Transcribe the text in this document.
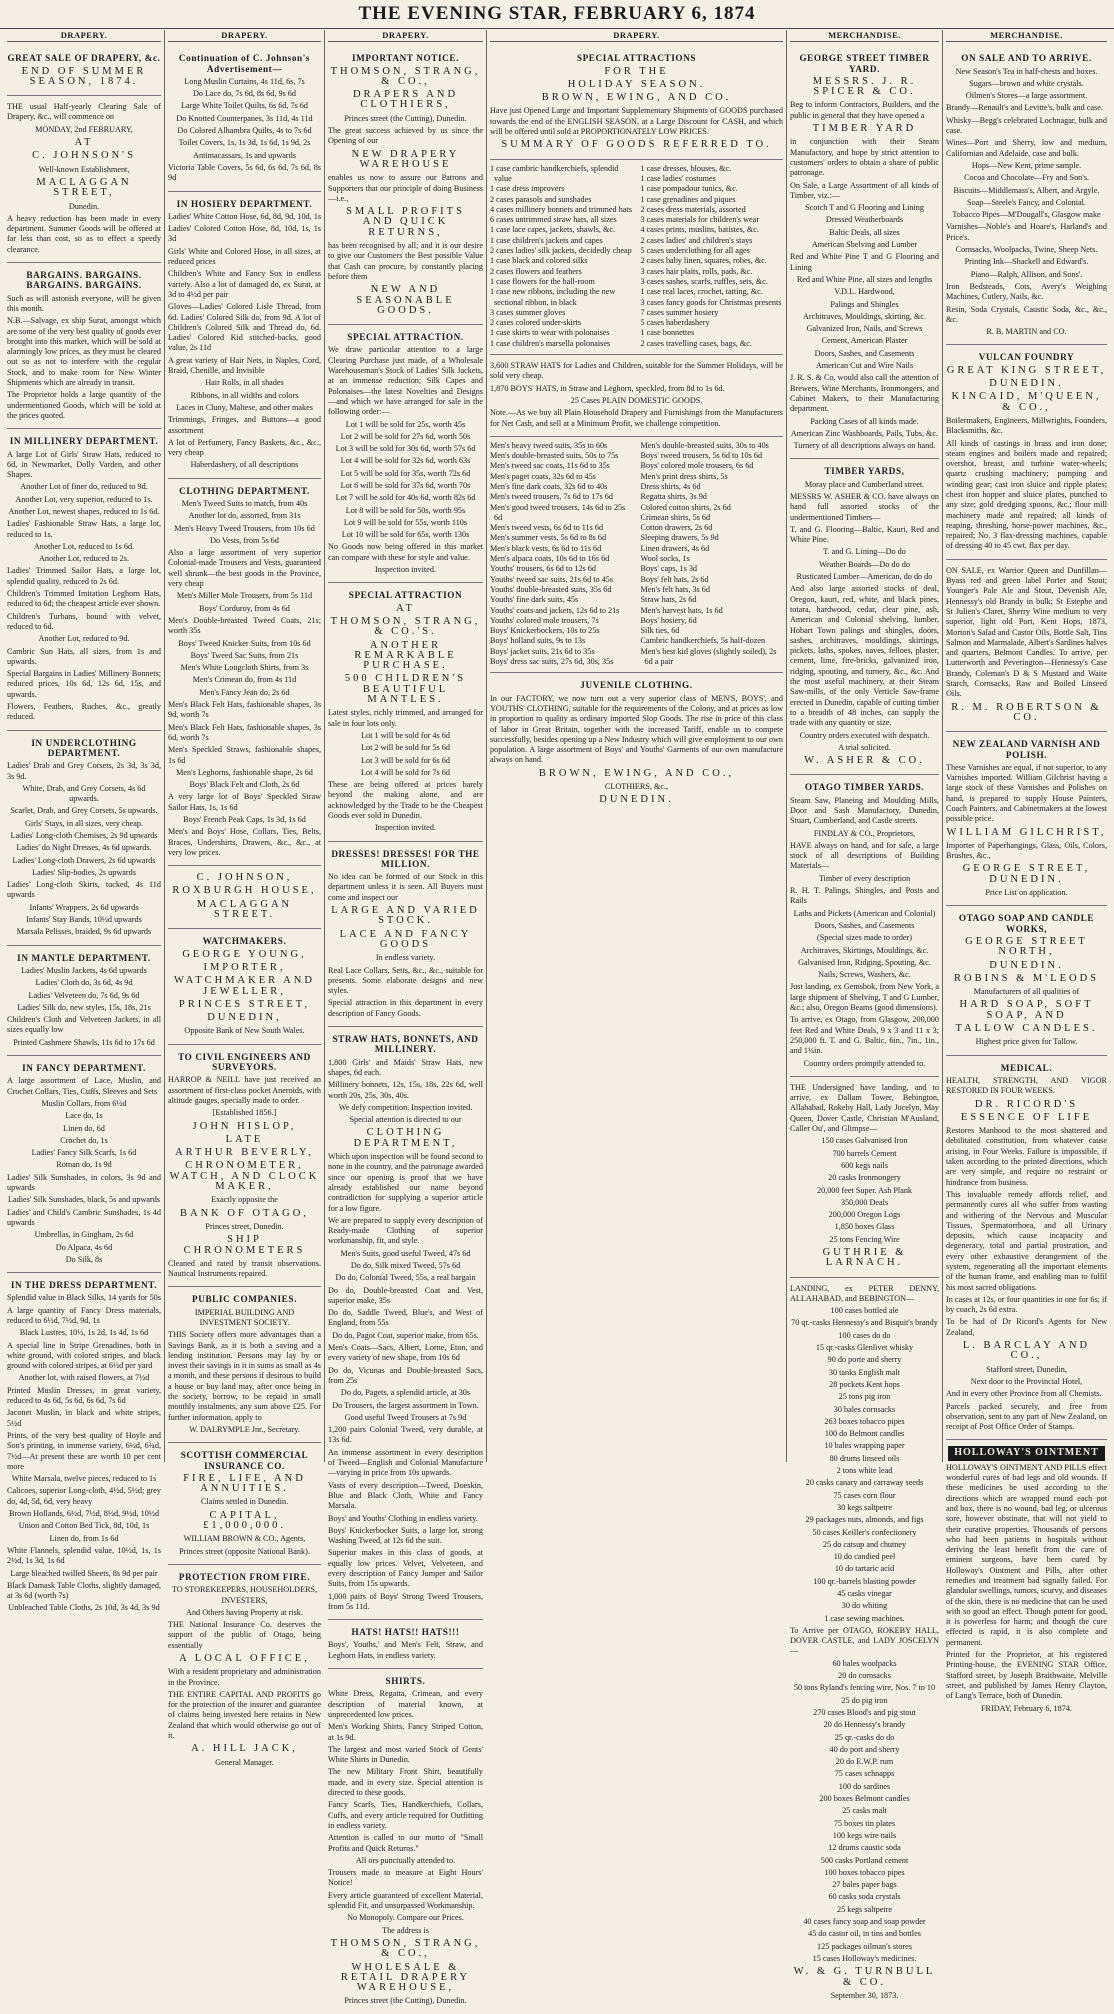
THE EVENING STAR, FEBRUARY 6, 1874
DRAPERY.
GREAT SALE OF DRAPERY, &c.
END OF SUMMER SEASON, 1874.
THE usual Half-yearly Clearing Sale of Drapery, &c., will commence on
MONDAY, 2nd FEBRUARY,
AT
C. JOHNSON'S
Well-known Establishment,
MACLAGGAN STREET,
Dunedin.
A heavy reduction has been made in every department. Summer Goods will be offered at far less than cost, so as to effect a speedy clearance.
BARGAINS. BARGAINS. BARGAINS. BARGAINS.
Such as will astonish everyone, will be given this month.
N.B.—Salvage, ex ship Surat, amongst which are some of the very best quality of goods ever brought into this market, which will be sold at alarmingly low prices, as they must be cleared out so as not to interfere with the regular Stock, and to make room for New Winter Shipments which are already in transit.
The Proprietor holds a large quantity of the undermentioned Goods, which will be sold at the prices quoted.
IN MILLINERY DEPARTMENT.
A large Lot of Girls' Straw Hats, reduced to 6d, in Newmarket, Dolly Varden, and other Shapes.
Another Lot of finer do, reduced to 9d.
Another Lot, very superior, reduced to 1s.
Another Lot, newest shapes, reduced to 1s 6d.
Ladies' Fashionable Straw Hats, a large lot, reduced to 1s.
Another Lot, reduced to 1s 6d.
Another Lot, reduced to 2s.
Ladies' Trimmed Sailor Hats, a large lot, splendid quality, reduced to 2s 6d.
Children's Trimmed Imitation Leghorn Hats, reduced to 6d; the cheapest article ever shown.
Children's Turbans, bound with velvet, reduced to 6d.
Another Lot, reduced to 9d.
Cambric Sun Hats, all sizes, from 1s and upwards.
Special Bargains in Ladies' Millinery Bonnets; reduced prices, 10s 6d, 12s 6d, 15s, and upwards.
Flowers, Feathers, Ruches, &c., greatly reduced.
IN UNDERCLOTHING DEPARTMENT.
Ladies' Drab and Grey Corsets, 2s 3d, 3s 3d, 3s 9d.
White, Drab, and Grey Corsets, 4s 6d upwards.
Scarlet, Drab, and Grey Corsets, 5s upwards.
Girls' Stays, in all sizes, very cheap.
Ladies' Long-cloth Chemises, 2s 9d upwards
Ladies' do Night Dresses, 4s 6d upwards.
Ladies' Long-cloth Drawers, 2s 6d upwards
Ladies' Slip-bodies, 2s upwards
Ladies' Long-cloth Skirts, tucked, 4s 11d upwards
Infants' Wrappers, 2s 6d upwards
Infants' Stay Bands, 10½d upwards
Marsala Pelisses, braided, 9s 6d upwards
IN MANTLE DEPARTMENT.
Ladies' Muslin Jackets, 4s 6d upwards
Ladies' Cloth do, 3s 6d, 4s 9d
Ladies' Velveteen do, 7s 6d, 9s 6d
Ladies' Silk do, new styles, 15s, 18s, 21s
Children's Cloth and Velveteen Jackets, in all sizes equally low
Printed Cashmere Shawls, 11s 6d to 17s 6d
IN FANCY DEPARTMENT.
A large assortment of Lace, Muslin, and Crochet Collars, Ties, Cuffs, Sleeves and Sets
Muslin Collars, from 6½d
Lace do, 1s
Linen do, 6d
Crochet do, 1s
Ladies' Fancy Silk Scarfs, 1s 6d
Roman do, 1s 9d
Ladies' Silk Sunshades, in colors, 3s 9d and upwards
Ladies' Silk Sunshades, black, 5s and upwards
Ladies' and Child's Cambric Sunshades, 1s 4d upwards
Umbrellas, in Gingham, 2s 6d
Do Alpaca, 4s 6d
Do Silk, 8s
IN THE DRESS DEPARTMENT.
Splendid value in Black Silks, 14 yards for 50s
A large quantity of Fancy Dress materials, reduced to 6½d, 7½d, 9d, 1s
Black Lustres, 10½, 1s 2d, 1s 4d, 1s 6d
A special line in Stripe Grenadines, both in white ground, with colored stripes, and black ground with colored stripes, at 6½d per yard
Another lot, with raised flowers, at 7½d
Printed Muslin Dresses, in great variety, reduced to 4s 6d, 5s 6d, 6s 6d, 7s 6d
Jaconet Muslin, in black and white stripes, 5½d
Prints, of the very best quality of Hoyle and Son's printing, in immense variety, 6½d, 6¾d, 7½d—At present these are worth 10 per cent more
White Marsala, twelve pieces, reduced to 1s
Calicoes, superior Long-cloth, 4½d, 5½d; grey do, 4d, 5d, 6d, very heavy
Brown Hollands, 6½d, 7½d, 8½d, 9½d, 10½d
Union and Cotton Bed Tick, 8d, 10d, 1s
Linen do, from 1s 6d
White Flannels, splendid value, 10½d, 1s, 1s 2½d, 1s 3d, 1s 6d
Large bleached twilled Sheets, 8s 9d per pair
Black Damask Table Cloths, slightly damaged, at 3s 6d (worth 7s)
Unbleached Table Cloths, 2s 10d, 3s 4d, 3s 9d
DRAPERY.
Continuation of C. Johnson's Advertisement—
Long Muslin Curtains, 4s 11d, 6s, 7s
Do Lace do, 7s 6d, 8s 6d, 9s 6d
Large White Toilet Quilts, 6s 6d, 7s 6d
Do Knotted Counterpanes, 3s 11d, 4s 11d
Do Colored Alhambra Quilts, 4s to 7s 6d
Toilet Covers, 1s, 1s 3d, 1s 6d, 1s 9d, 2s
Antimacassars, 1s and upwards
Victoria Table Covers, 5s 6d, 6s 6d, 7s 6d, 8s 9d
IN HOSIERY DEPARTMENT.
Ladies' White Cotton Hose, 6d, 8d, 9d, 10d, 1s
Ladies' Colored Cotton Hose, 8d, 10d, 1s, 1s 3d
Girls' White and Colored Hose, in all sizes, at reduced prices
Children's White and Fancy Sox in endless variety. Also a lot of damaged do, ex Surat, at 3d to 4½d per pair
Gloves—Ladies' Colored Lisle Thread, from 6d. Ladies' Colored Silk do, from 9d. A lot of Children's Colored Silk and Thread do, 6d. Ladies' Colored Kid stitched-backs, good value, 2s 11d
A great variety of Hair Nets, in Naples, Cord, Braid, Chenille, and Invisible
Hair Rolls, in all shades
Ribbons, in all widths and colors
Laces in Cluny, Maltese, and other makes
Trimmings, Fringes, and Buttons—a good assortment
A lot of Perfumery, Fancy Baskets, &c., &c., very cheap
Haberdashery, of all descriptions
CLOTHING DEPARTMENT.
Men's Tweed Suits to match, from 40s
Another lot do, assorted, from 31s
Men's Heavy Tweed Trousers, from 10s 6d
Do Vests, from 5s 6d
Also a large assortment of very superior Colonial-made Trousers and Vests, guaranteed well shrunk—the best goods in the Province, very cheap
Men's Miller Mole Trousers, from 5s 11d
Boys' Corduroy, from 4s 6d
Men's Double-breasted Tweed Coats, 21s; worth 35s
Boys' Tweed Knicker Suits, from 10s 6d
Boys' Tweed Sac Suits, from 21s
Men's White Longcloth Shirts, from 3s
Men's Crimean do, from 4s 11d
Men's Fancy Jean do, 2s 6d
Men's Black Felt Hats, fashionable shapes, 3s 9d, worth 7s
Men's Black Felt Hats, fashionable shapes, 3s 6d, worth 7s
Men's Speckled Straws, fashionable shapes, 1s 6d
Men's Leghorns, fashionable shape, 2s 6d
Boys' Black Felt and Cloth, 2s 6d
A very large lot of Boys' Speckled Straw Sailor Hats, 1s, 1s 6d
Boys' French Peak Caps, 1s 3d, 1s 6d
Men's and Boys' Hose, Collars, Ties, Belts, Braces, Undershirts, Drawers, &c., &c., at very low prices.
C. JOHNSON,
ROXBURGH HOUSE,
MACLAGGAN STREET.
WATCHMAKERS.
GEORGE YOUNG,
IMPORTER,
WATCHMAKER AND JEWELLER,
PRINCES STREET,
DUNEDIN,
Opposite Bank of New South Wales.
TO CIVIL ENGINEERS AND SURVEYORS.
HARROP & NEILL have just received an assortment of first-class pocket Aneroids, with altitude gauges, specially made to order.
[Established 1856.]
JOHN HISLOP,
LATE
ARTHUR BEVERLY,
CHRONOMETER, WATCH, AND CLOCK MAKER,
Exactly opposite the
BANK OF OTAGO,
Princes street, Dunedin.
SHIP CHRONOMETERS
Cleaned and rated by transit observations. Nautical Instruments repaired.
PUBLIC COMPANIES.
IMPERIAL BUILDING AND INVESTMENT SOCIETY.
THIS Society offers more advantages than a Savings Bank, as it is both a saving and a lending institution. Persons may lay by or invest their savings in it in sums as small as 4s a month, and these persons if desirous to build a house or buy land may, after once being in the society, borrow, to be repaid in small monthly instalments, any sum above £25. For further information, apply to
W. DALRYMPLE Jnr., Secretary.
SCOTTISH COMMERCIAL INSURANCE CO.
FIRE, LIFE, AND ANNUITIES.
Claims settled in Dunedin.
CAPITAL, £1,000,000.
WILLIAM BROWN & CO., Agents,
Princes street (opposite National Bank).
PROTECTION FROM FIRE.
TO STOREKEEPERS, HOUSEHOLDERS, INVESTERS,
And Others having Property at risk.
THE National Insurance Co. deserves the support of the public of Otago, being essentially
A LOCAL OFFICE,
With a resident proprietary and administration in the Province.
THE ENTIRE CAPITAL AND PROFITS go for the protection of the insurer and guarantee of claims being invested here retains in New Zealand that which would otherwise go out of it.
A. HILL JACK,
General Manager.
DRAPERY.
IMPORTANT NOTICE.
THOMSON, STRANG, & CO.,
DRAPERS AND CLOTHIERS,
Princes street (the Cutting), Dunedin.
The great success achieved by us since the Opening of our
NEW DRAPERY WAREHOUSE
enables us now to assure our Patrons and Supporters that our principle of doing Business—i.e.,
SMALL PROFITS AND QUICK RETURNS,
has been recognised by all; and it is our desire to give our Customers the Best possible Value that Cash can procure, by constantly placing before them
NEW AND SEASONABLE GOODS.
SPECIAL ATTRACTION.
We draw particular attention to a large Clearing Purchase just made, of a Wholesale Warehouseman's Stock of Ladies' Silk Jackets, at an immense reduction; Silk Capes and Polonaises—the latest Novelties and Designs—and which we have arranged for sale in the following order:—
Lot 1 will be sold for 25s, worth 45s
Lot 2 will be sold for 27s 6d, worth 50s
Lot 3 will be sold for 30s 6d, worth 57s 6d
Lot 4 will be sold for 32s 6d, worth 63s
Lot 5 will be sold for 35s, worth 72s 6d
Lot 6 will be sold for 37s 6d, worth 70s
Lot 7 will be sold for 40s 6d, worth 82s 6d
Lot 8 will be sold for 50s, worth 95s
Lot 9 will be sold for 55s, worth 110s
Lot 10 will be sold for 65s, worth 130s
No Goods now being offered in this market can compare with these for style and value.
Inspection invited.
SPECIAL ATTRACTION
AT
THOMSON, STRANG, & CO.'S.
ANOTHER REMARKABLE PURCHASE.
500 CHILDREN'S BEAUTIFUL MANTLES.
Latest styles, richly trimmed, and arranged for sale in four lots only.
Lot 1 will be sold for 4s 6d
Lot 2 will be sold for 5s 6d
Lot 3 will be sold for 6s 6d
Lot 4 will be sold for 7s 6d
These are being offered at prices barely beyond the making alone, and are acknowledged by the Trade to be the Cheapest Goods ever sold in Dunedin.
Inspection invited.
DRESSES! DRESSES! FOR THE MILLION.
No idea can be formed of our Stock in this department unless it is seen. All Buyers must come and inspect our
LARGE AND VARIED STOCK.
LACE AND FANCY GOODS
In endless variety.
Real Lace Collars, Setts, &c., &c., suitable for presents. Some elaborate designs and new styles.
Special attraction in this department in every description of Fancy Goods.
STRAW HATS, BONNETS, AND MILLINERY.
1,800 Girls' and Maids' Straw Hats, new shapes, 6d each.
Millinery bonnets, 12s, 15s, 18s, 22s 6d, well worth 20s, 25s, 30s, 40s.
We defy competition. Inspection invited.
Special attention is directed to our
CLOTHING DEPARTMENT,
Which upon inspection will be found second to none in the country, and the patronage awarded since our opening is proof that we have already established our name beyond contradiction for supplying a superior article for a low figure.
We are prepared to supply every description of Ready-made Clothing of superior workmanship, fit, and style.
Men's Suits, good useful Tweed, 47s 6d
Do do, Silk mixed Tweed, 57s 6d
Do do, Colonial Tweed, 55s, a real bargain
Do do, Double-breasted Coat and Vest, superior make, 35s
Do do, Saddle Tweed, Blue's, and West of England, from 55s
Do do, Pagot Coat, superior make, from 65s.
Men's Coats—Sacs, Albert, Lorne, Eton, and every variety of new shape, from 10s 6d
Do do, Vicunas and Double-breasted Sacs, from 25s
Do do, Pagets, a splendid article, at 30s
Do Trousers, the largest assortment in Town.
Good useful Tweed Trousers at 7s 9d
1,200 pairs Colonial Tweed, very durable, at 13s 6d.
An immense assortment in every description of Tweed—English and Colonial Manufacture—varying in price from 10s upwards.
Vasts of every description—Tweed, Doeskin, Blue and Black Cloth, White and Fancy Marsala.
Boys' and Youths' Clothing in endless variety.
Boys' Knickerbocker Suits, a large lot, strong Washing Tweed, at 12s 6d the suit.
Superior makes in this class of goods, at equally low prices. Velvet, Velveteen, and every description of Fancy Jumper and Sailor Suits, from 15s upwards.
1,000 pairs of Boys' Strong Tweed Trousers, from 5s 11d.
HATS! HATS!! HATS!!!
Boys', Youths,' and Men's Felt, Straw, and Leghorn Hats, in endless variety.
SHIRTS.
White Dress, Regatta, Crimean, and every description of material known, at unprecedented low prices.
Men's Working Shirts, Fancy Striped Cotton, at 1s 9d.
The largest and most varied Stock of Gents' White Shirts in Dunedin.
The new Military Front Shirt, beautifully made, and in every size. Special attention is directed to these goods.
Fancy Scarfs, Ties, Handkerchiefs, Collars, Cuffs, and every article required for Outfitting in endless variety.
Attention is called to our motto of "Small Profits and Quick Returns."
All ors punctually attended to.
Trousers made to measure at Eight Hours' Notice!
Every article guaranteed of excellent Material, splendid Fit, and unsurpassed Workmanship.
No Monopoly. Compare our Prices.
The address is
THOMSON, STRANG, & CO.,
WHOLESALE & RETAIL DRAPERY WAREHOUSE,
Princes street (the Cutting), Dunedin.
DRAPERY.
SPECIAL ATTRACTIONS
FOR THE
HOLIDAY SEASON.
BROWN, EWING, AND CO.
Have just Opened Large and Important Supplementary Shipments of GOODS purchased towards the end of the ENGLISH SEASON, at a Large Discount for CASH, and which will be offered until sold at PROPORTIONATELY LOW PRICES.
SUMMARY OF GOODS REFERRED TO.
1 case cambric handkerchiefs, splendid value
1 case dress improvers
2 cases parasols and sunshades
4 cases millinery bonnets and trimmed hats
6 cases untrimmed straw hats, all sizes
1 case lace capes, jackets, shawls, &c.
1 case children's jackets and capes
2 cases ladies' silk jackets, decidedly cheap
1 case black and colored silks
2 cases flowers and feathers
1 case flowers for the ball-room
1 case new ribbons, including the new sectional ribbon, in black
3 cases summer gloves
2 cases colored under-skirts
1 case skirts to wear with polonaises
1 case children's marsella polonaises
1 case dresses, blouses, &c.
1 case ladies' costumes
1 case pompadour tunics, &c.
1 case grenadines and piques
2 cases dress materials, assorted
3 cases materials for children's wear
4 cases prints, muslins, batistes, &c.
2 cases ladies' and children's stays
5 cases underclothing for all ages
2 cases baby linen, squares, robes, &c.
3 cases hair plaits, rolls, pads, &c.
3 cases sashes, scarfs, ruffles, sets, &c.
1 case real laces, crochet, tatting, &c.
3 cases fancy goods for Christmas presents
7 cases summer hosiery
5 cases haberdashery
1 case bonnettes
2 cases travelling cases, bags, &c.
3,600 STRAW HATS for Ladies and Children, suitable for the Summer Holidays, will be sold very cheap.
1,870 BOYS' HATS, in Straw and Leghorn, speckled, from 8d to 1s 6d.
25 Cases PLAIN DOMESTIC GOODS.
Note.—As we buy all Plain Household Drapery and Furnishings from the Manufacturers for Net Cash, and sell at a Minimum Profit, we challenge competition.
Men's heavy tweed suits, 35s to 60s
Men's double-breasted suits, 50s to 75s
Men's tweed sac coats, 11s 6d to 35s
Men's paget coats, 32s 6d to 45s
Men's fine dark coats, 32s 6d to 40s
Men's tweed trousers, 7s 6d to 17s 6d
Men's good tweed trousers, 14s 6d to 25s 6d
Men's tweed vests, 6s 6d to 11s 6d
Men's summer vests, 5s 6d to 8s 6d
Men's black vests, 6s 6d to 11s 6d
Men's alpaca coats, 10s 6d to 16s 6d
Youths' trousers, 6s 6d to 12s 6d
Youths' tweed sac suits, 21s 6d to 45s
Youths' double-breasted suits, 35s 6d
Youths' fine dark suits, 45s
Youths' coats and jackets, 12s 6d to 21s
Youths' colored mole trousers, 7s
Boys' Knickerbockers, 10s to 25s
Boys' holland suits, 9s to 13s
Boys' jacket suits, 21s 6d to 35s
Boys' dress sac suits, 27s 6d, 30s, 35s
Men's double-breasted suits, 30s to 40s
Boys' tweed trousers, 5s 6d to 10s 6d
Boys' colored mole trousers, 6s 6d
Men's print dress shirts, 5s
Dress shirts, 4s 6d
Regatta shirts, 3s 9d
Colored cotton shirts, 2s 6d
Crimean shirts, 5s 6d
Cotton drawers, 2s 6d
Sleeping drawers, 5s 9d
Linen drawers, 4s 6d
Wool socks, 1s
Boys' caps, 1s 3d
Boys' felt hats, 2s 6d
Men's felt hats, 3s 6d
Straw hats, 2s 6d
Men's harvest hats, 1s 6d
Boys' hosiery, 6d
Silk ties, 6d
Cambric handkerchiefs, 5s half-dozen
Men's best kid gloves (slightly soiled), 2s 6d a pair
JUVENILE CLOTHING.
In our FACTORY, we now turn out a very superior class of MEN'S, BOYS', and YOUTHS' CLOTHING, suitable for the requirements of the Colony, and at prices as low in proportion to quality as ordinary imported Slop Goods. The rise in price of this class of labor in Great Britain, together with the increased Tariff, enable us to compete successfully, besides opening up a New Industry which will give employment to our own population. A large assortment of Boys' and Youths' Garments of our own manufacture always on hand.
BROWN, EWING, AND CO.,
CLOTHIERS, &c.,
DUNEDIN.
MERCHANDISE.
GEORGE STREET TIMBER YARD.
MESSRS. J. R. SPICER & CO.
Beg to inform Contractors, Builders, and the public in general that they have opened a
TIMBER YARD
in conjunction with their Steam Manufactory, and hope by strict attention to customers' orders to obtain a share of public patronage.
On Sale, a Large Assortment of all kinds of Timber, viz.:—
Scotch T and G Flooring and Lining
Dressed Weatherboards
Baltic Deals, all sizes
American Shelving and Lumber
Red and White Pine T and G Flooring and Lining
Red and White Pine, all sizes and lengths
V.D.L. Hardwood,
Palings and Shingles
Architraves, Mouldings, skirting, &c.
Galvanized Iron, Nails, and Screws
Cement, American Plaster
Doors, Sashes, and Casements
American Cut and Wire Nails
J. R. S. & Co. would also call the attention of Brewers, Wine Merchants, Ironmongers, and Cabinet Makers, to their Manufacturing department.
Packing Cases of all kinds made.
American Zinc Washboards, Pails, Tubs, &c.
Turnery of all descriptions always on hand.
TIMBER YARDS,
Moray place and Cumberland street.
MESSRS W. ASHER & CO. have always on hand full assorted stocks of the undermentioned Timbers—
T. and G. Flooring—Baltic, Kauri, Red and White Pine.
T. and G. Lining—Do do
Weather Boards—Do do do
Rusticated Lumber—American, do do do
And also large assorted stocks of deal, Oregon, kauri, red, white, and black pines, totara, hardwood, cedar, clear pine, ash, American and Colonial shelving, lumber, Hobart Town palings and shingles, doors, sashes, architraves, mouldings, skirtings, pickets, laths, spokes, naves, felloes, plaster, cement, lime, fire-bricks, galvanized iron, ridging, spouting, and turnery, &c., &c. And the most useful machinery, at their Steam Saw-mills, of the only Verticle Saw-frame erected in Dunedin, capable of cutting timber to a breadth of 48 inches, can supply the trade with any quantity or size.
Country orders executed with despatch.
A trial solicited.
W. ASHER & CO.
OTAGO TIMBER YARDS.
Steam Saw, Planeing and Moulding Mills, Door and Sash Manufactory, Dunedin, Stuart, Cumberland, and Castle streets.
FINDLAY & CO., Proprietors,
HAVE always on hand, and for sale, a large stock of all descriptions of Building Materials—
Timber of every description
R. H. T. Palings, Shingles, and Posts and Rails
Laths and Pickets (American and Colonial)
Doors, Sashes, and Casements
(Special sizes made to order)
Architraves, Skirtings, Mouldings, &c.
Galvanised Iron, Ridging, Spouting, &c.
Nails, Screws, Washers, &c.
Just landing, ex Gemsbok, from New York, a large shipment of Shelving, T and G Lumber, &c.; also, Oregon Beams (good dimensions).
To arrive, ex Otago, from Glasgow, 200,000 feet Red and White Deals, 9 x 3 and 11 x 3; 250,000 ft. T. and G. Baltic, 6in., 7in., 1in., and 1¼in.
Country orders promptly attended to.
THE Undersigned have landing, and to arrive, ex Dallam Tower, Bebington, Allahabad, Rokeby Hall, Lady Jocelyn, May Queen, Dover Castle, Christian M'Ausland, Caller Ou', and Glimpse—
150 cases Galvanised Iron
700 barrels Cement
600 kegs nails
20 casks Ironmongery
20,000 feet Super. Ash Plank
350,000 Deals
200,000 Oregon Logs
1,850 boxes Glass
25 tons Fencing Wire
GUTHRIE & LARNACH.
LANDING, ex PETER DENNY, ALLAHABAD, and BEBINGTON—
100 cases bottled ale
70 qr.-casks Hennessy's and Bisquit's brandy
100 cases do do
15 qr.-casks Glenlivet whisky
90 do porte and sherry
30 tanks English malt
28 pockets Kent hops
25 tons pig iron
30 bales cornsacks
263 boxes tobacco pipes
100 do Belmont candles
10 bales wrapping paper
80 drums linseed oils
2 tons white lead
20 casks canary and carraway seeds
75 cases corn flour
30 kegs saltpetre
29 packages nuts, almonds, and figs
50 cases Keiller's confectionery
25 do catsup and chutney
10 do candied peel
10 do tartaric acid
100 qr.-barrels blasting powder
45 casks vinegar
30 do whiting
1 case sewing machines.
To Arrive per OTAGO, ROKEBY HALL, DOVER CASTLE, and LADY JOSCELYN—
60 bales woolpacks
20 do cornsacks
50 tons Ryland's fencing wire, Nos. 7 to 10
25 do pig iron
270 cases Blood's and pig stout
20 do Hennessy's brandy
25 qr.-casks do do
40 do port and sherry
20 do E.W.P. rum
75 cases schnapps
100 do sardines
200 boxes Belmont candles
25 casks malt
75 boxes tin plates
100 kegs wire nails
12 drums caustic soda
500 casks Portland cement
100 boxes tobacco pipes
27 bales paper bags
60 casks soda crystals
25 kegs saltpetre
40 cases fancy soap and soap powder
45 do castor oil, in tins and bottles
125 packages oilman's stores
15 cases Holloway's medicines.
W. & G. TURNBULL & CO.
September 30, 1873.
MERCHANDISE.
ON SALE AND TO ARRIVE.
New Season's Tea in half-chests and boxes.
Sugars—brown and white crystals.
Oilmen's Stores—a large assortment.
Brandy—Renault's and Levitte's, bulk and case.
Whisky—Begg's celebrated Lochnagar, bulk and case.
Wines—Port and Sherry, low and medium, Californian and Adelaide, case and bulk.
Hops—New Kent, prime sample.
Cocoa and Chocolate—Fry and Son's.
Biscuits—Middlemass's, Albert, and Argyle.
Soap—Steele's Fancy, and Colonial.
Tobacco Pipes—M'Dougall's, Glasgow make
Varnishes—Noble's and Hoare's, Harland's and Price's.
Cornsacks, Woolpacks, Twine, Sheep Nets.
Printing Ink—Shackell and Edward's.
Piano—Ralph, Allison, and Sons'.
Iron Bedsteads, Cots, Avery's Weighing Machines, Cutlery, Nails, &c.
Resin, Soda Crystals, Caustic Soda, &c., &c., &c.
R. B. MARTIN and CO.
VULCAN FOUNDRY
GREAT KING STREET,
DUNEDIN.
KINCAID, M'QUEEN, & CO.,
Boilermakers, Engineers, Millwrights, Founders, Blacksmiths, &c.
All kinds of castings in brass and iron done; steam engines and boilers made and repaired; overshot, breast, and turbine water-wheels; quartz crushing machinery; pumping and winding gear; cast iron sluice and ripple plates; chest iron hopper and sluice plates, punched to any size; gold dredging spoons, &c.; flour mill machinery made and repaired; all kinds of reaping, threshing, horse-power machines, &c., repaired; No. 3 flax-dressing machines, capable of dressing 40 to 45 cwt. flax per day.
ON SALE, ex Warrior Queen and Dunfillan—Byass red and green label Porter and Stout; Younger's Pale Ale and Stout, Devenish Ale, Hennessy's old Brandy in bulk; St Estephe and St Julien's Claret, Sherry Wine medium to very superior, light old Port, Kent Hops, 1873, Morton's Salad and Castor Oils, Bottle Salt, Tins Salmon and Marmalade, Albert's Sardines halves and quarters, Belmont Candles. To arrive, per Lutterworth and Peverington—Hennessy's Case Brandy, Coleman's D & S Mustard and Waite Starch, Cornsacks, Raw and Boiled Linseed Oils.
R. M. ROBERTSON & CO.
NEW ZEALAND VARNISH AND POLISH.
These Varnishes are equal, if not superior, to any Varnishes imported. William Gilchrist having a large stock of these Varnishes and Polishes on hand, is prepared to supply House Painters, Coach Painters, and Cabinetmakers at the lowest possible price.
WILLIAM GILCHRIST,
Importer of Paperhangings, Glass, Oils, Colors, Brushes, &c.,
GEORGE STREET, DUNEDIN.
Price List on application.
OTAGO SOAP AND CANDLE WORKS,
GEORGE STREET NORTH,
DUNEDIN.
ROBINS & M'LEODS
Manufacturers of all qualities of
HARD SOAP, SOFT SOAP, AND
TALLOW CANDLES.
Highest price given for Tallow.
MEDICAL.
HEALTH, STRENGTH, AND VIGOR RESTORED IN FOUR WEEKS.
DR. RICORD'S
ESSENCE OF LIFE
Restores Manhood to the most shattered and debilitated constitution, from whatever cause arising, in Four Weeks. Failure is impossible, if taken according to the printed directions, which are very simple, and require no restraint or hindrance from business.
This invaluable remedy affords relief, and permanently cures all who suffer from wasting and withering of the Nervous and Muscular Tissues, Spermatorrhoea, and all Urinary deposits, which cause incapacity and degeneracy, total and partial prostration, and every other exhaustive derangement of the system, regenerating all the important elements of the human frame, and enabling man to fulfil his most sacred obligations.
In cases at 12s, or four quantities in one for 6s; if by coach, 2s 6d extra.
To be had of Dr Ricord's Agents for New Zealand,
L. BARCLAY AND CO.,
Stafford street, Dunedin,
Next door to the Provincial Hotel,
And in every other Province from all Chemists.
Parcels packed securely, and free from observation, sent to any part of New Zealand, on receipt of Post Office Order of Stamps.
HOLLOWAY'S OINTMENT
HOLLOWAY'S OINTMENT AND PILLS effect wonderful cures of bad legs and old wounds. If these medicines be used according to the directions which are wrapped round each pot and box, there is no wound, bad leg, or ulcerous sore, however obstinate, that will not yield to their curative properties. Thousands of persons who had been patients in hospitals without deriving the least benefit from the care of eminent surgeons, have been cured by Holloway's Ointment and Pills, after other remedies and treatment had signally failed. For glandular swellings, tumors, scurvy, and diseases of the skin, there is no medicine that can be used with so good an effect. Though potent for good, it is powerless for harm; and though the cure effected is rapid, it is also complete and permanent.
Printed for the Proprietor, at his registered Printing-house, the EVENING STAR Office, Stafford street, by Joseph Braithwaite, Melville street, and published by James Henry Clayton, of Lang's Terrace, both of Dunedin.
FRIDAY, February 6, 1874.
